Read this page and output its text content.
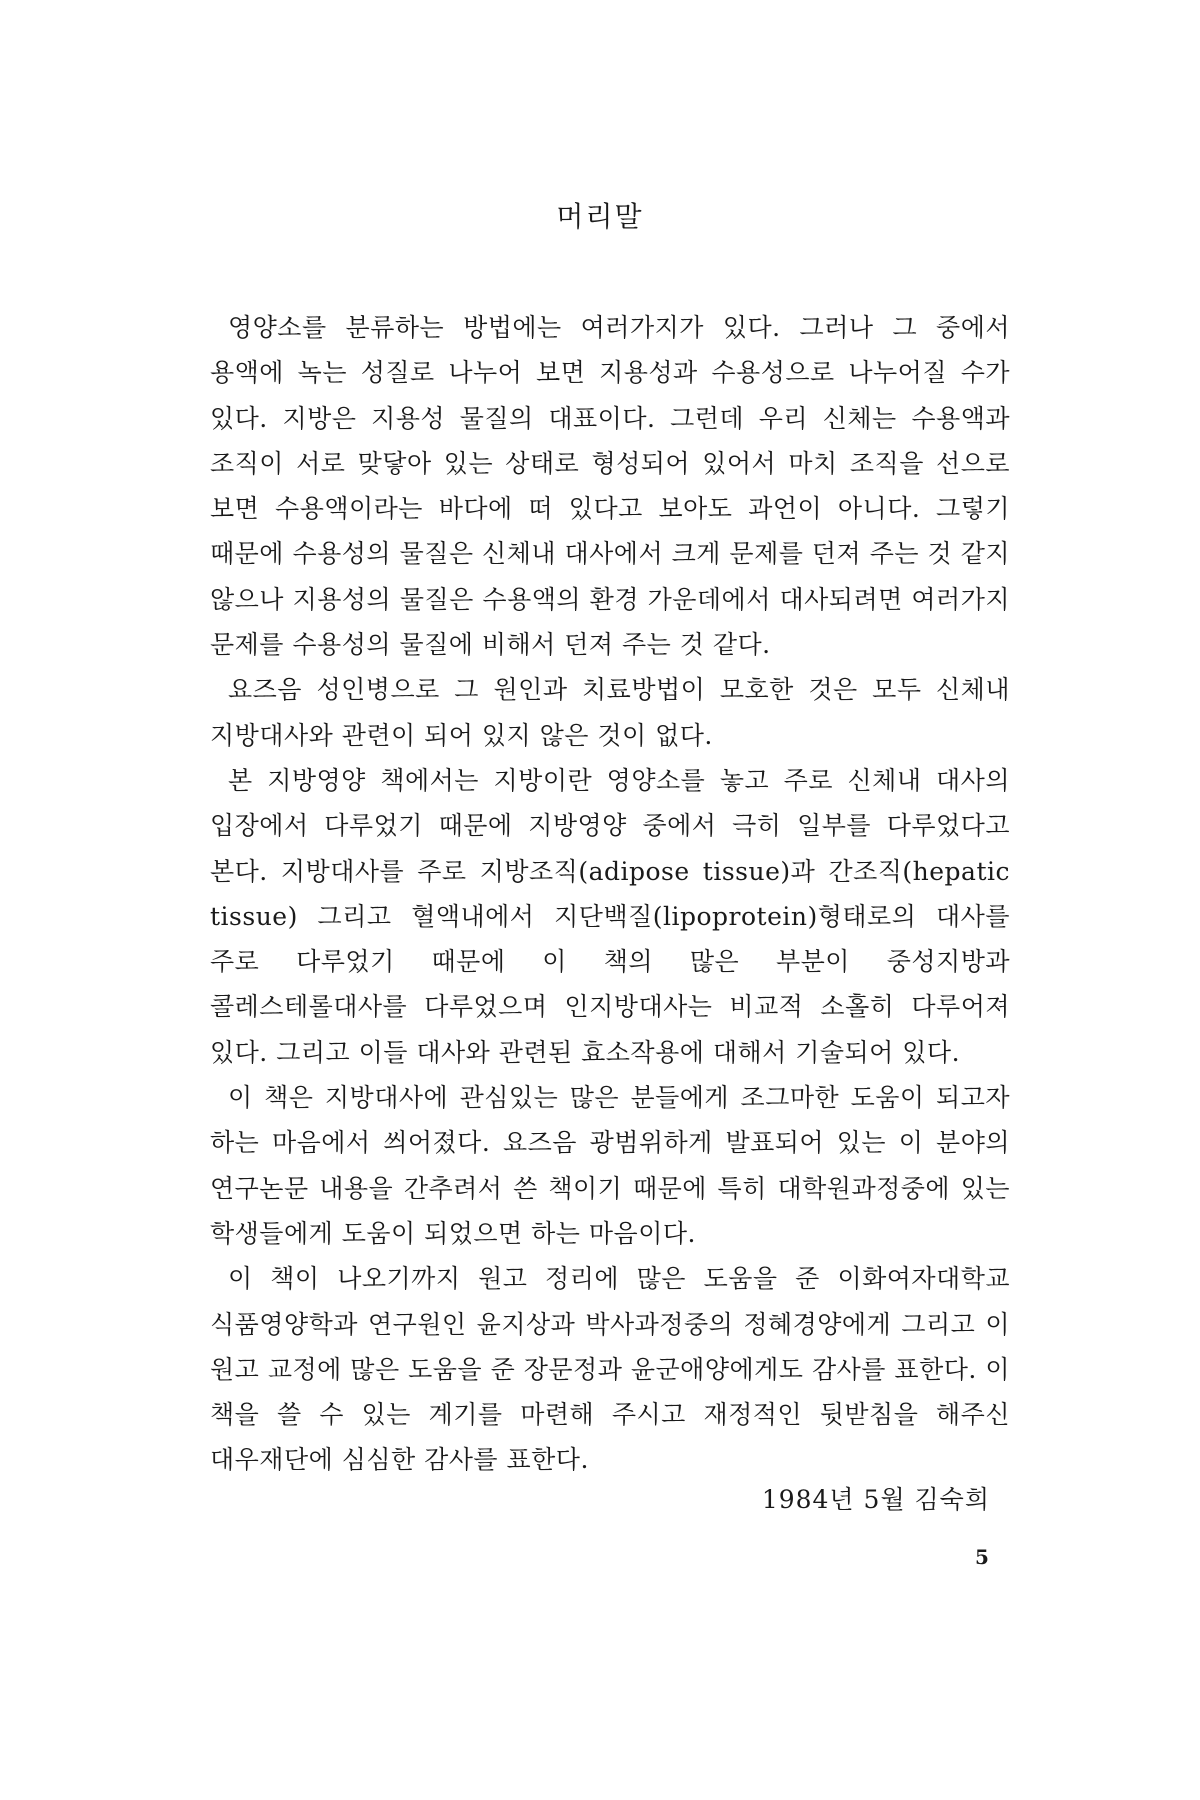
머리말

영양소를 분류하는 방법에는 여러가지가 있다. 그러나 그 중에서 용액에 녹는 성질로 나누어 보면 지용성과 수용성으로 나누어질 수가 있다. 지방은 지용성 물질의 대표이다. 그런데 우리 신체는 수용액과 조직이 서로 맞닿아 있는 상태로 형성되어 있어서 마치 조직을 선으로 보면 수용액이라는 바다에 떠 있다고 보아도 과언이 아니다. 그렇기 때문에 수용성의 물질은 신체내 대사에서 크게 문제를 던져 주는 것 같지 않으나 지용성의 물질은 수용액의 환경 가운데에서 대사되려면 여러가지 문제를 수용성의 물질에 비해서 던져 주는 것 같다.

요즈음 성인병으로 그 원인과 치료방법이 모호한 것은 모두 신체내 지방대사와 관련이 되어 있지 않은 것이 없다.

본 지방영양 책에서는 지방이란 영양소를 놓고 주로 신체내 대사의 입장에서 다루었기 때문에 지방영양 중에서 극히 일부를 다루었다고 본다. 지방대사를 주로 지방조직(adipose tissue)과 간조직(hepatic tissue) 그리고 혈액내에서 지단백질(lipoprotein)형태로의 대사를 주로 다루었기 때문에 이 책의 많은 부분이 중성지방과 콜레스테롤대사를 다루었으며 인지방대사는 비교적 소홀히 다루어져 있다. 그리고 이들 대사와 관련된 효소작용에 대해서 기술되어 있다.

이 책은 지방대사에 관심있는 많은 분들에게 조그마한 도움이 되고자 하는 마음에서 씌어졌다. 요즈음 광범위하게 발표되어 있는 이 분야의 연구논문 내용을 간추려서 쓴 책이기 때문에 특히 대학원과정중에 있는 학생들에게 도움이 되었으면 하는 마음이다.

이 책이 나오기까지 원고 정리에 많은 도움을 준 이화여자대학교 식품영양학과 연구원인 윤지상과 박사과정중의 정혜경양에게 그리고 이 원고 교정에 많은 도움을 준 장문정과 윤군애양에게도 감사를 표한다. 이 책을 쓸 수 있는 계기를 마련해 주시고 재정적인 뒷받침을 해주신 대우재단에 심심한 감사를 표한다.

1984년 5월 김숙희
5
